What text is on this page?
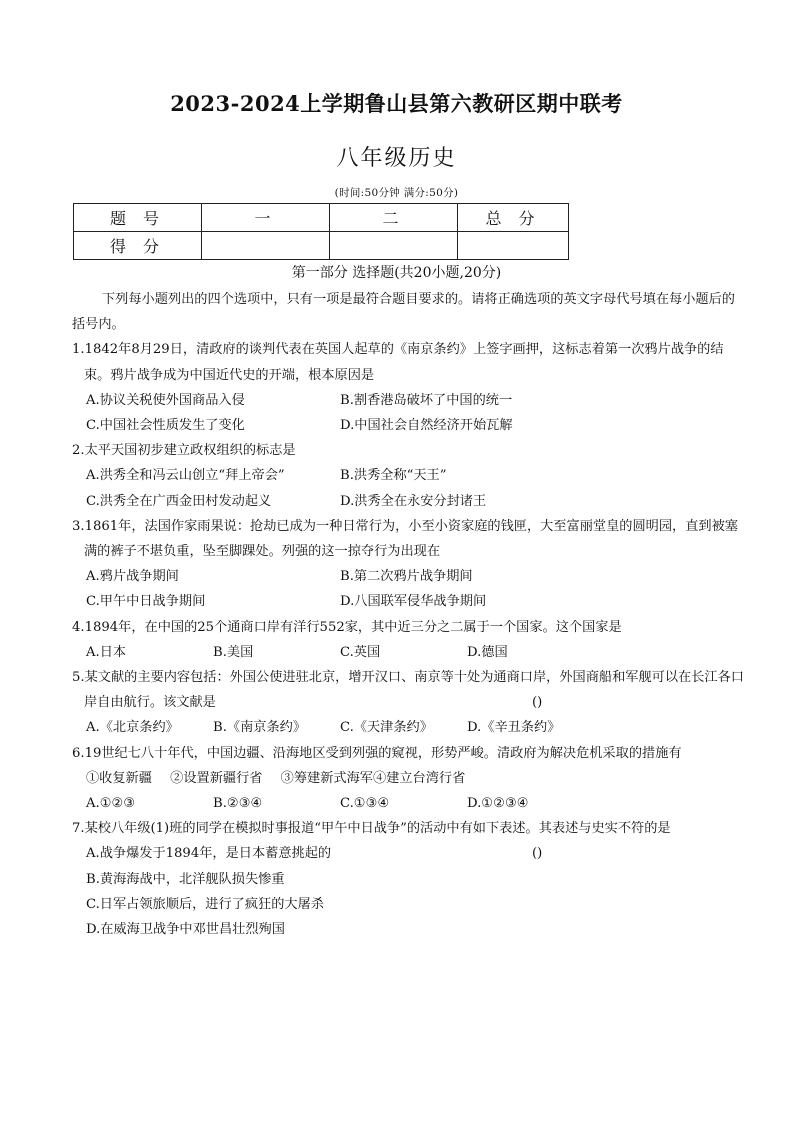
2023-2024上学期鲁山县第六教研区期中联考
八年级历史
(时间:50分钟 满分:50分)
题 号	一	二	总 分
得 分			
第一部分 选择题(共20小题,20分)

下列每小题列出的四个选项中，只有一项是最符合题目要求的。请将正确选项的英文字母代号填在每小题后的括号内。

1.1842年8月29日，清政府的谈判代表在英国人起草的《南京条约》上签字画押，这标志着第一次鸦片战争的结束。鸦片战争成为中国近代史的开端，根本原因是

A.协议关税使外国商品入侵	B.割香港岛破坏了中国的统一
C.中国社会性质发生了变化	D.中国社会自然经济开始瓦解

2.太平天国初步建立政权组织的标志是

A.洪秀全和冯云山创立“拜上帝会”	B.洪秀全称“天王”
C.洪秀全在广西金田村发动起义	D.洪秀全在永安分封诸王

3.1861年，法国作家雨果说：抢劫已成为一种日常行为，小至小资家庭的钱匣，大至富丽堂皇的圆明园，直到被塞满的裤子不堪负重，坠至脚踝处。列强的这一掠夺行为出现在

A.鸦片战争期间	B.第二次鸦片战争期间
C.甲午中日战争期间	D.八国联军侵华战争期间

4.1894年，在中国的25个通商口岸有洋行552家，其中近三分之二属于一个国家。这个国家是

A.日本	B.美国	C.英国	D.德国

5.某文献的主要内容包括：外国公使进驻北京，增开汉口、南京等十处为通商口岸，外国商船和军舰可以在长江各口岸自由航行。该文献是	()

A.《北京条约》	B.《南京条约》	C.《天津条约》	D.《辛丑条约》

6.19世纪七八十年代，中国边疆、沿海地区受到列强的窥视，形势严峻。清政府为解决危机采取的措施有

①收复新疆 ②设置新疆行省 ③筹建新式海军④建立台湾行省
A.①②③	B.②③④	C.①③④	D.①②③④

7.某校八年级(1)班的同学在模拟时事报道“甲午中日战争”的活动中有如下表述。其表述与史实不符的是
()

A.战争爆发于1894年，是日本蓄意挑起的
B.黄海海战中，北洋舰队损失惨重
C.日军占领旅顺后，进行了疯狂的大屠杀
D.在威海卫战争中邓世昌壮烈殉国
